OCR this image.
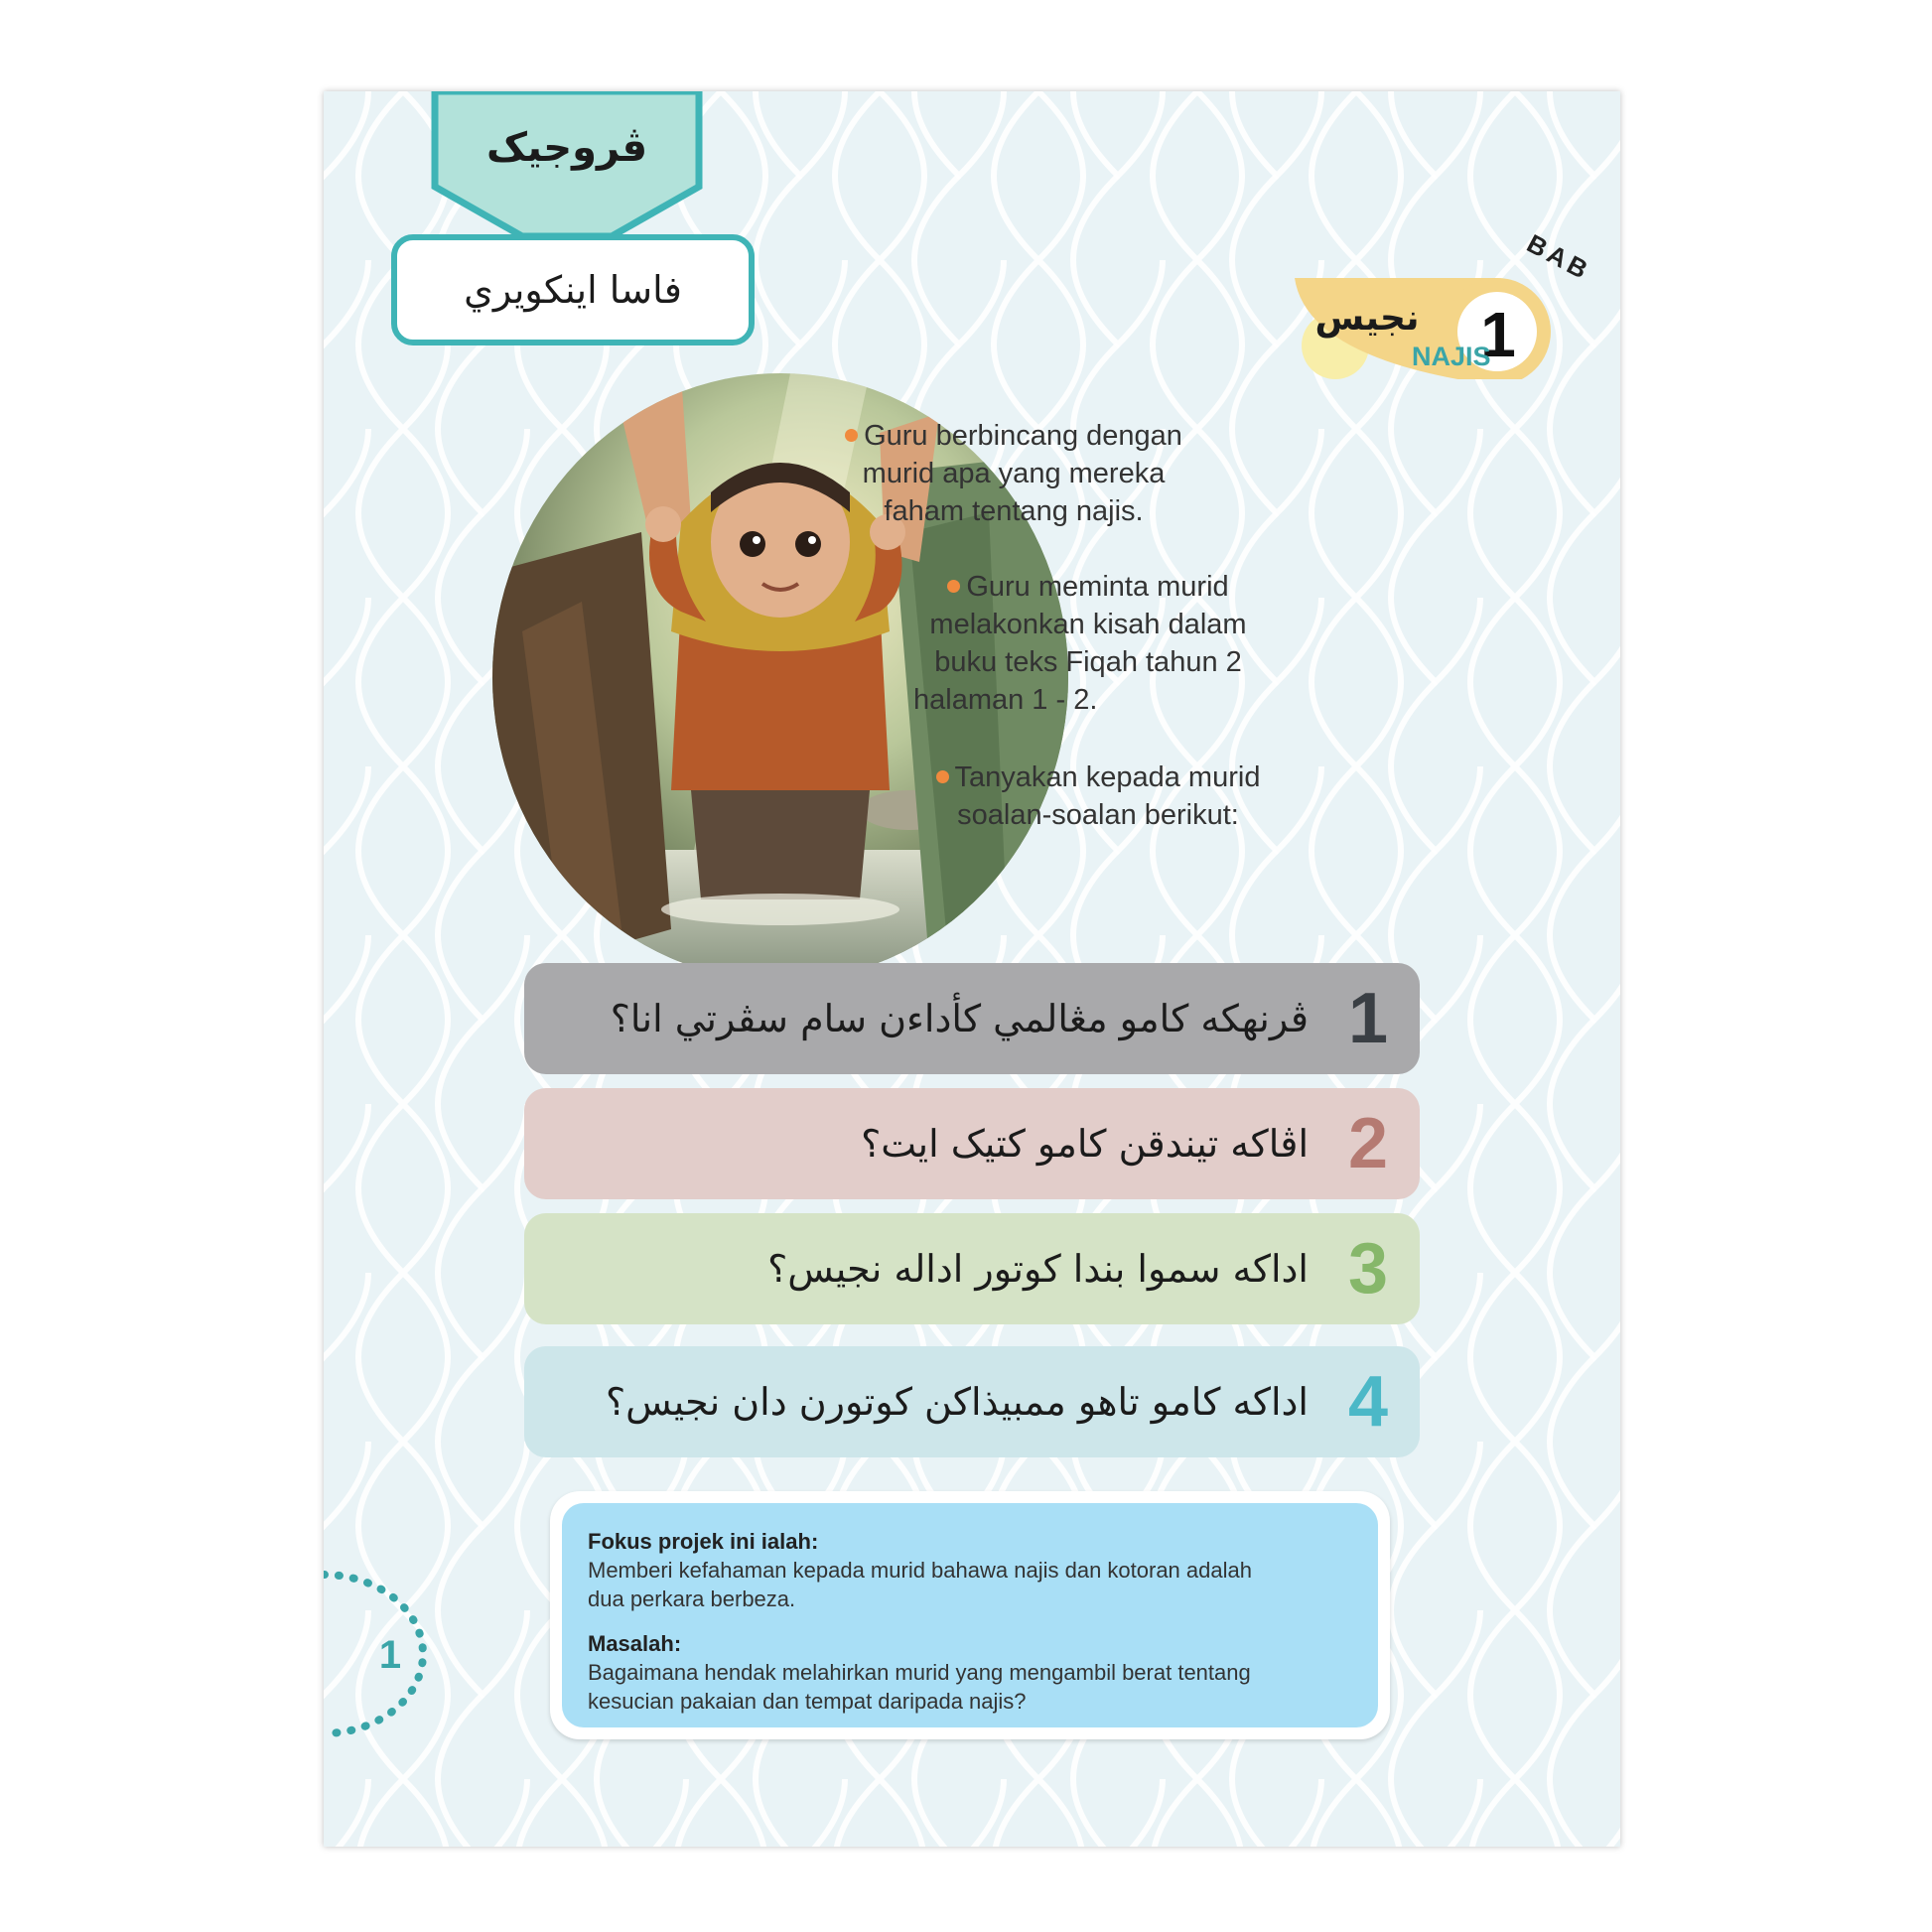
ڤروجيک
فاسا اينکويري
نجيس 1
BAB
NAJIS
Guru berbincang dengan
murid apa yang mereka
faham tentang najis.
Guru meminta murid
melakonkan kisah dalam
buku teks Fiqah tahun 2
halaman 1 - 2.
Tanyakan kepada murid
soalan-soalan berikut:
1
ڤرنهکه کامو مڠالمي کأداءن سام سڤرتي انا؟
2
اڤاکه تيندقن کامو کتيک ايت؟
3
اداکه سموا بندا کوتور اداله نجيس؟
4
اداکه کامو تاهو ممبيذاکن کوتورن دان نجيس؟
Fokus projek ini ialah:
Memberi kefahaman kepada murid bahawa najis dan kotoran adalah
dua perkara berbeza.
Masalah:
Bagaimana hendak melahirkan murid yang mengambil berat tentang
kesucian pakaian dan tempat daripada najis?
1
